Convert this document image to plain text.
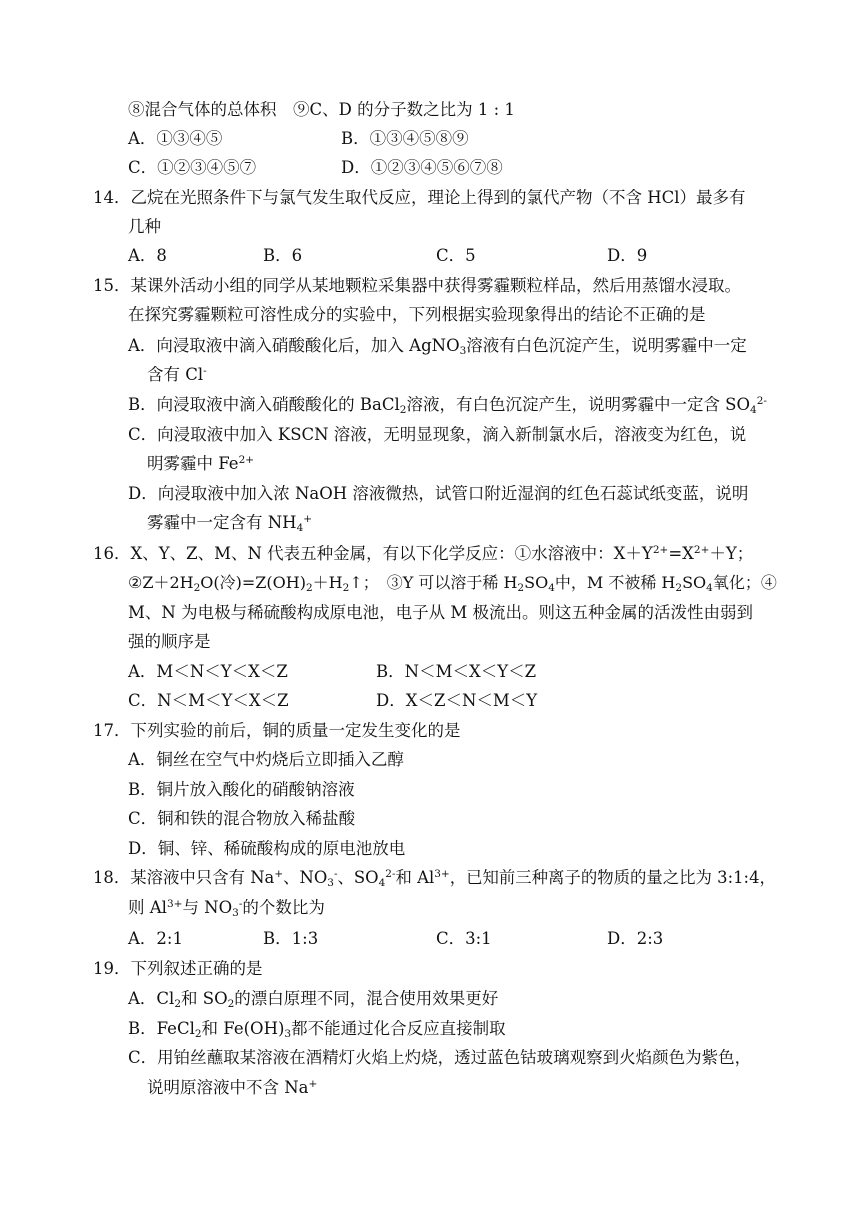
⑧混合气体的总体积　⑨C、D 的分子数之比为 1 : 1
A．①③④⑤	B．①③④⑤⑧⑨
C．①②③④⑤⑦	D．①②③④⑤⑥⑦⑧
14．乙烷在光照条件下与氯气发生取代反应，理论上得到的氯代产物（不含 HCl）最多有
几种
A．8	B．6	C．5	D．9
15．某课外活动小组的同学从某地颗粒采集器中获得雾霾颗粒样品，然后用蒸馏水浸取。
在探究雾霾颗粒可溶性成分的实验中，下列根据实验现象得出的结论不正确的是
A．向浸取液中滴入硝酸酸化后，加入 AgNO$_3$溶液有白色沉淀产生，说明雾霾中一定
含有 Cl-
B．向浸取液中滴入硝酸酸化的 BaCl$_2$溶液，有白色沉淀产生，说明雾霾中一定含 $SO_4^{2-}$
C．向浸取液中加入 KSCN 溶液，无明显现象，滴入新制氯水后，溶液变为红色，说
明雾霾中 $Fe^{2+}$
D．向浸取液中加入浓 NaOH 溶液微热，试管口附近湿润的红色石蕊试纸变蓝，说明
雾霾中一定含有 $NH_4^+$
16．X、Y、Z、M、N 代表五种金属，有以下化学反应：①水溶液中：$X+Y^{2+}=X^{2+}+Y$；
$②Z+2H_2O$(冷)$=Z(OH)_2+H_2↑$；　③Y 可以溶于稀 $H_2SO_4$中，M 不被稀 $H_2SO_4$氧化；④
M、N 为电极与稀硫酸构成原电池，电子从 M 极流出。则这五种金属的活泼性由弱到
强的顺序是
A．M＜N＜Y＜X＜Z	B．N＜M＜X＜Y＜Z
C．N＜M＜Y＜X＜Z	D．X＜Z＜N＜M＜Y
17．下列实验的前后，铜的质量一定发生变化的是
A．铜丝在空气中灼烧后立即插入乙醇
B．铜片放入酸化的硝酸钠溶液
C．铜和铁的混合物放入稀盐酸
D．铜、锌、稀硫酸构成的原电池放电
18．某溶液中只含有 Na+、$NO_3^-$、$SO_4^{2-}$和 $Al^{3+}$，已知前三种离子的物质的量之比为 3:1:4，
则 $Al^{3+}$与 $NO_3^-$的个数比为
A．2:1	B．1:3	C．3:1	D．2:3
19．下列叙述正确的是
A．$Cl_2$和 $SO_2$的漂白原理不同，混合使用效果更好
B．FeCl$_2$和 $Fe(OH)_3$都不能通过化合反应直接制取
C．用铂丝蘸取某溶液在酒精灯火焰上灼烧，透过蓝色钴玻璃观察到火焰颜色为紫色，
说明原溶液中不含 Na+
